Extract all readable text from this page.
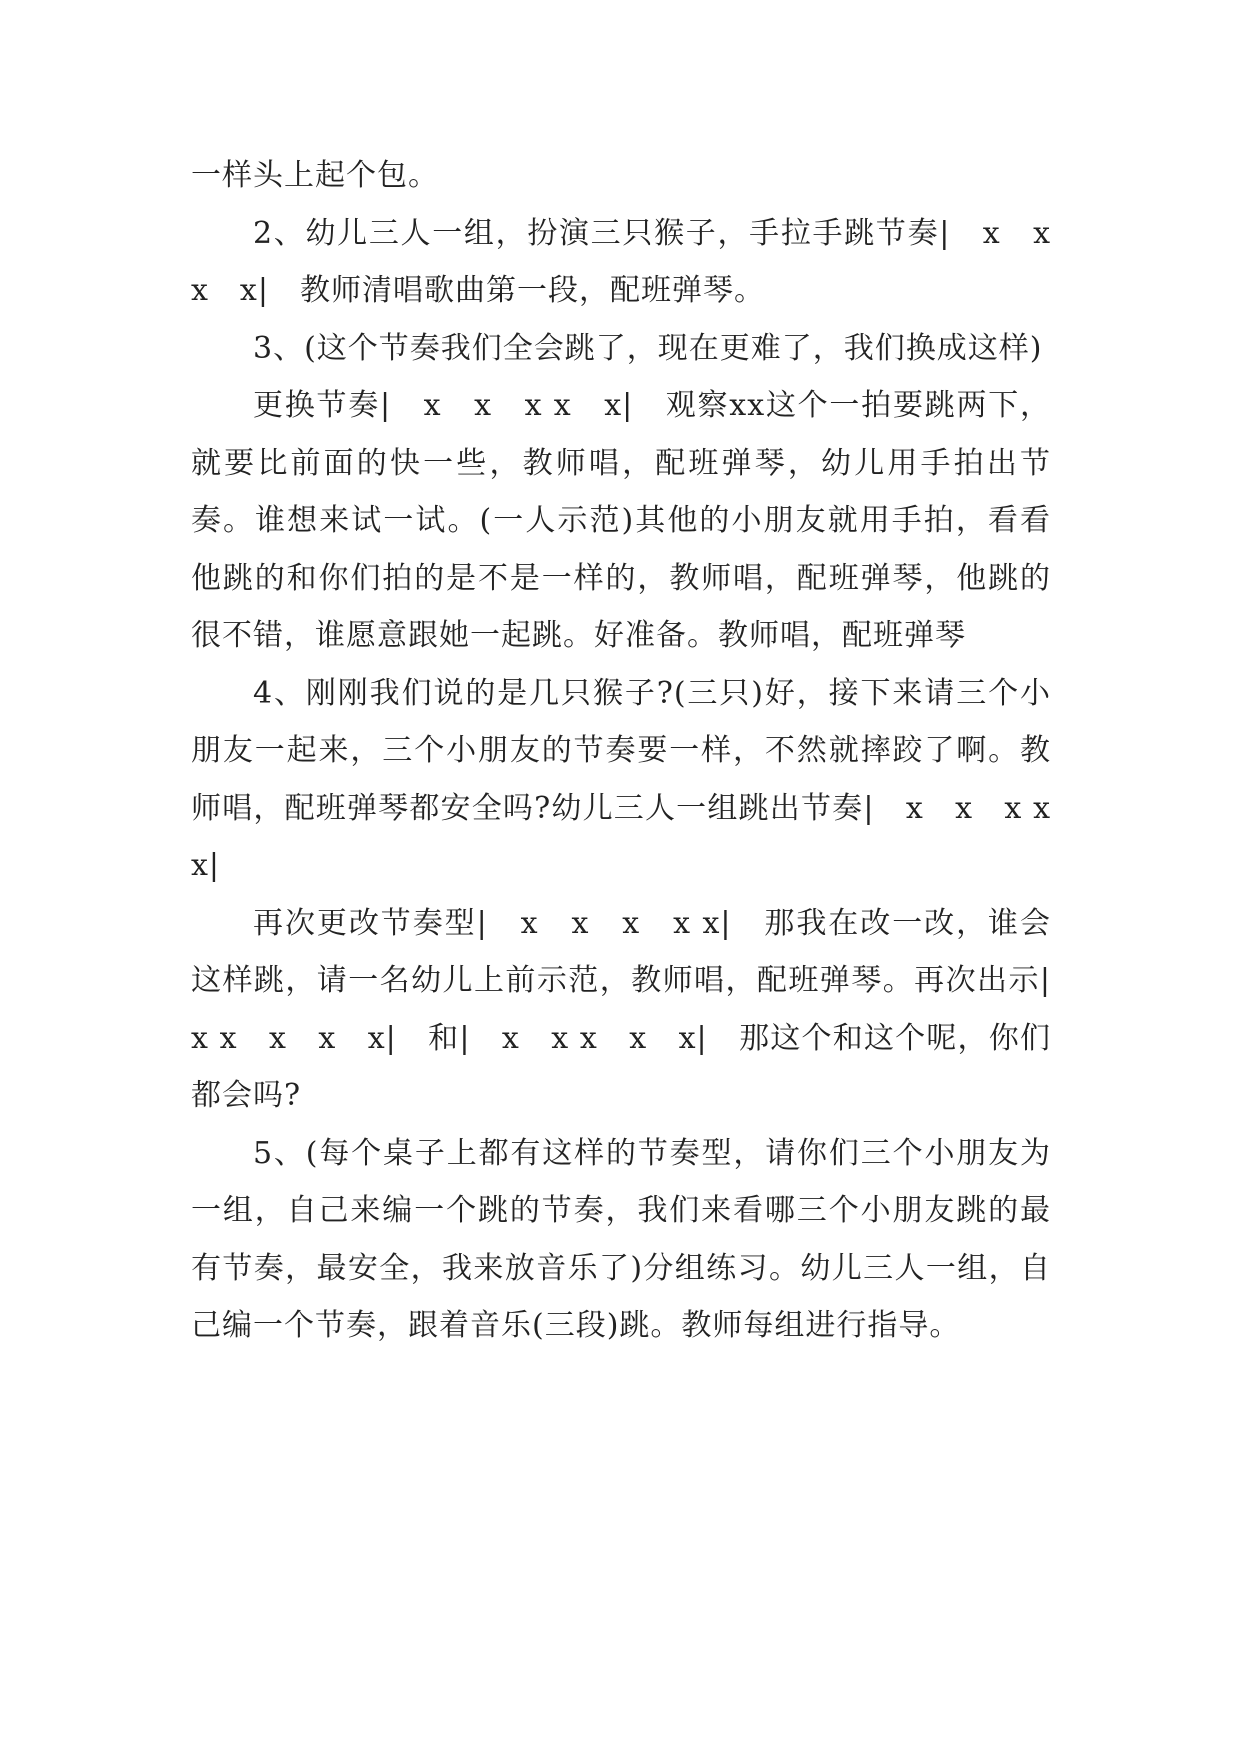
一样头上起个包。

2、幼儿三人一组，扮演三只猴子，手拉手跳节奏|　x　x　x　x|　教师清唱歌曲第一段，配班弹琴。

3、(这个节奏我们全会跳了，现在更难了，我们换成这样)

更换节奏|　x　x　x x　x|　观察xx这个一拍要跳两下，就要比前面的快一些，教师唱，配班弹琴，幼儿用手拍出节奏。谁想来试一试。(一人示范)其他的小朋友就用手拍，看看他跳的和你们拍的是不是一样的，教师唱，配班弹琴，他跳的很不错，谁愿意跟她一起跳。好准备。教师唱，配班弹琴

4、刚刚我们说的是几只猴子?(三只)好，接下来请三个小朋友一起来，三个小朋友的节奏要一样，不然就摔跤了啊。教师唱，配班弹琴都安全吗?幼儿三人一组跳出节奏|　x　x　x x　x|

再次更改节奏型|　x　x　x　x x|　那我在改一改，谁会这样跳，请一名幼儿上前示范，教师唱，配班弹琴。再次出示|　x x　x　x　x|　和|　x　x x　x　x|　那这个和这个呢，你们都会吗?

5、(每个桌子上都有这样的节奏型，请你们三个小朋友为一组，自己来编一个跳的节奏，我们来看哪三个小朋友跳的最有节奏，最安全，我来放音乐了)分组练习。幼儿三人一组，自己编一个节奏，跟着音乐(三段)跳。教师每组进行指导。
